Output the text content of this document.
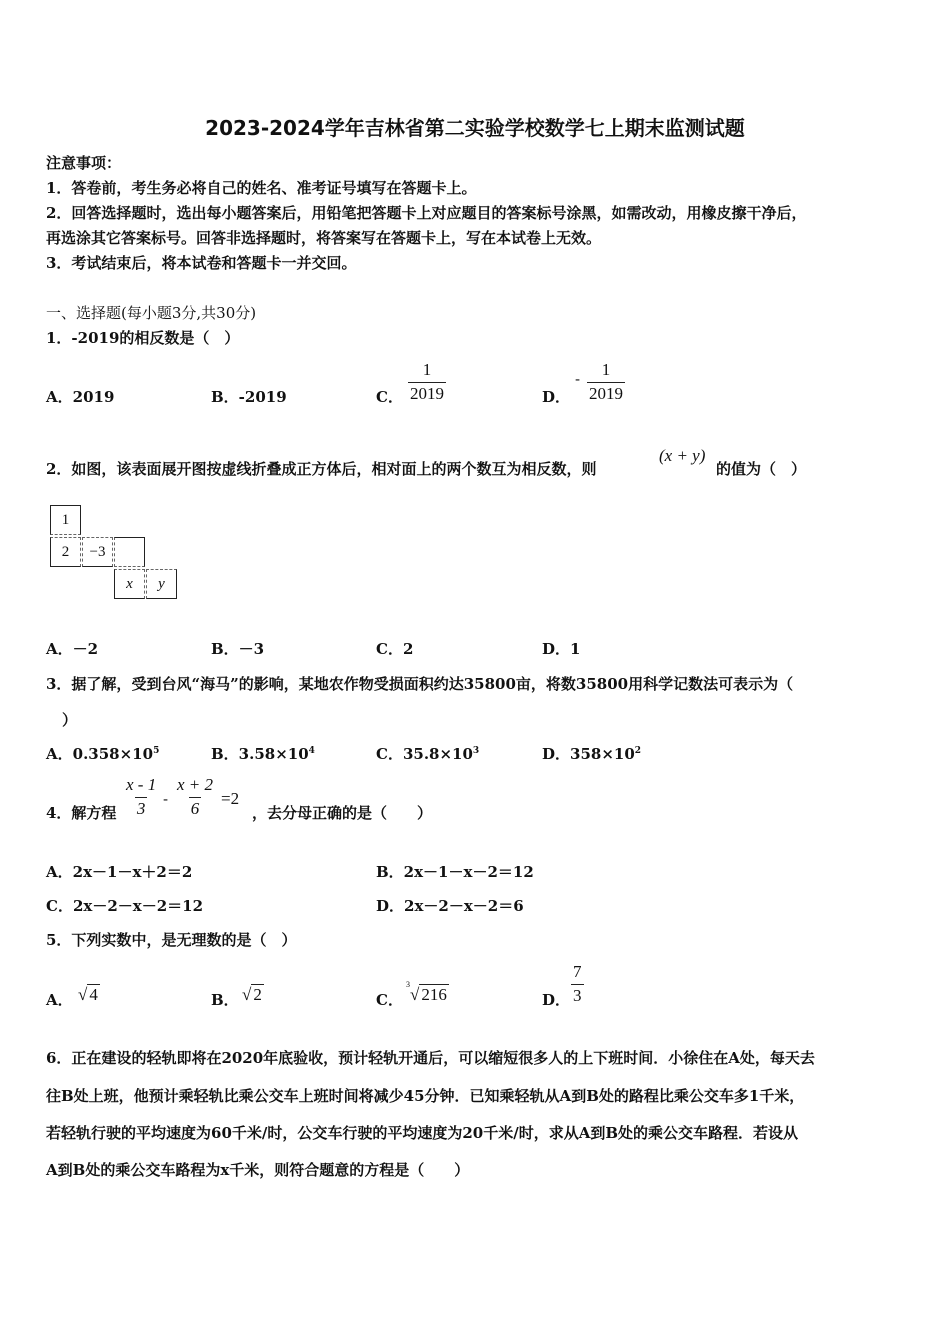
2023-2024学年吉林省第二实验学校数学七上期末监测试题
注意事项：
1．答卷前，考生务必将自己的姓名、准考证号填写在答题卡上。
2．回答选择题时，选出每小题答案后，用铅笔把答题卡上对应题目的答案标号涂黑，如需改动，用橡皮擦干净后，
再选涂其它答案标号。回答非选择题时，将答案写在答题卡上，写在本试卷上无效。
3．考试结束后，将本试卷和答题卡一并交回。
一、选择题(每小题3分,共30分)
1．-2019的相反数是（　）
A．2019	B．-2019	C． $\frac{1}{2019}$	D．
- $\frac{1}{2019}$
2．如图，该表面展开图按虚线折叠成正方体后，相对面上的两个数互为相反数，则
(x + y)
的值为（　）
1
2	−3
x	y
A．－2	B．－3	C．2	D．1
3．据了解，受到台风“海马”的影响，某地农作物受损面积约达35800亩，将数35800用科学记数法可表示为（
）
A．$0.358\times 10^5$	B．$3.58\times 10^4$	C．$35.8\times 10^3$	D．$358\times 10^2$
4．解方程 $\frac{x - 1}{3} - \frac{x + 2}{6} =2$
，去分母正确的是（　　）
A．2x－1－x＋2＝2	B．2x－1－x－2＝12
C．2x－2－x－2＝12	D．2x－2－x－2＝6
5．下列实数中，是无理数的是（　）
A． √ 4	B． √ 2	C．
$^3$√ 216	D． $\frac{7}{3}$
6．正在建设的轻轨即将在2020年底验收，预计轻轨开通后，可以缩短很多人的上下班时间．小徐住在A处，每天去
往B处上班，他预计乘轻轨比乘公交车上班时间将减少45分钟．已知乘轻轨从A到B处的路程比乘公交车多1千米，
若轻轨行驶的平均速度为60千米/时，公交车行驶的平均速度为20千米/时，求从A到B处的乘公交车路程．若设从
A到B处的乘公交车路程为x千米，则符合题意的方程是（　　）
